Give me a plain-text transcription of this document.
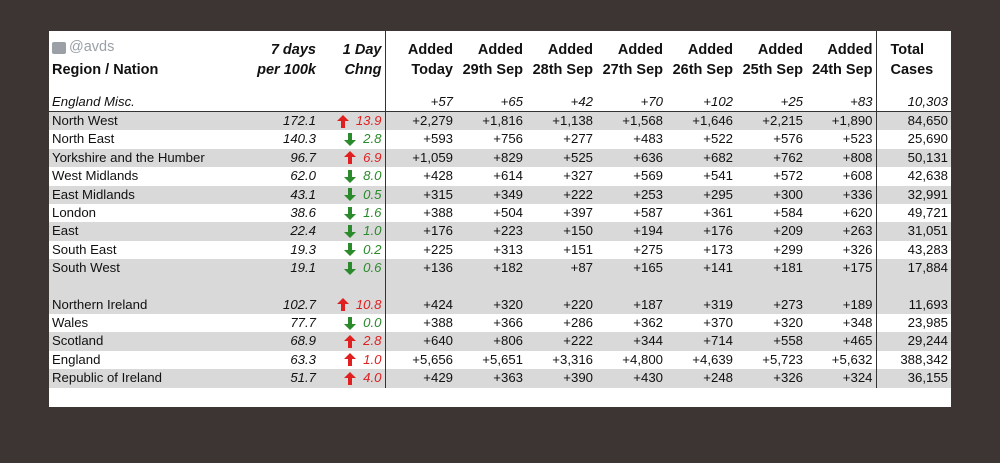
@avds	7 days	1 Day	Added	Added	Added	Added	Added	Added	Added	Total
Region / Nation	per 100k	Chng	Today	29th Sep	28th Sep	27th Sep	26th Sep	25th Sep	24th Sep	Cases

England Misc.			+57	+65	+42	+70	+102	+25	+83	10,303
North West	172.1	13.9	+2,279	+1,816	+1,138	+1,568	+1,646	+2,215	+1,890	84,650
North East	140.3	2.8	+593	+756	+277	+483	+522	+576	+523	25,690
Yorkshire and the Humber	96.7	6.9	+1,059	+829	+525	+636	+682	+762	+808	50,131
West Midlands	62.0	8.0	+428	+614	+327	+569	+541	+572	+608	42,638
East Midlands	43.1	0.5	+315	+349	+222	+253	+295	+300	+336	32,991
London	38.6	1.6	+388	+504	+397	+587	+361	+584	+620	49,721
East	22.4	1.0	+176	+223	+150	+194	+176	+209	+263	31,051
South East	19.3	0.2	+225	+313	+151	+275	+173	+299	+326	43,283
South West	19.1	0.6	+136	+182	+87	+165	+141	+181	+175	17,884

Northern Ireland	102.7	10.8	+424	+320	+220	+187	+319	+273	+189	11,693
Wales	77.7	0.0	+388	+366	+286	+362	+370	+320	+348	23,985
Scotland	68.9	2.8	+640	+806	+222	+344	+714	+558	+465	29,244
England	63.3	1.0	+5,656	+5,651	+3,316	+4,800	+4,639	+5,723	+5,632	388,342
Republic of Ireland	51.7	4.0	+429	+363	+390	+430	+248	+326	+324	36,155
